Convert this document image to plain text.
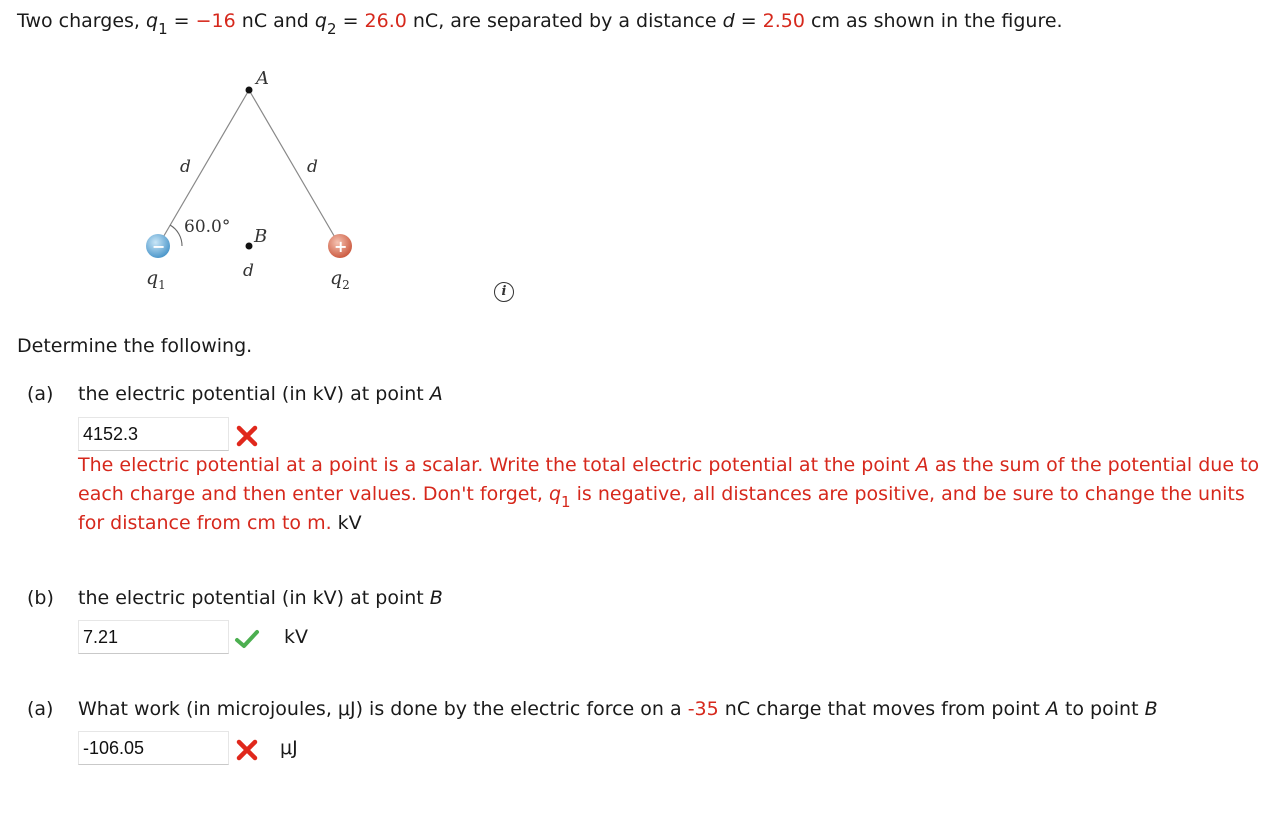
Two charges, $q_1 = -16$ nC and $q_2 = 26.0$ nC, are separated by a distance d = 2.50 cm as shown in the figure.
A
d	d
60.0° B
d
−	+
$q_1$	$q_2$	i
Determine the following.
(a) the electric potential (in kV) at point A
4152.3
The electric potential at a point is a scalar. Write the total electric potential at the point A as the sum of the potential due to each charge and then enter values. Don't forget, $q_1$ is negative, all distances are positive, and be sure to change the units for distance from cm to m. kV
(b) the electric potential (in kV) at point B
7.21
kV
(a) What work (in microjoules, μJ) is done by the electric force on a -35 nC charge that moves from point A to point B
-106.05
μJ
